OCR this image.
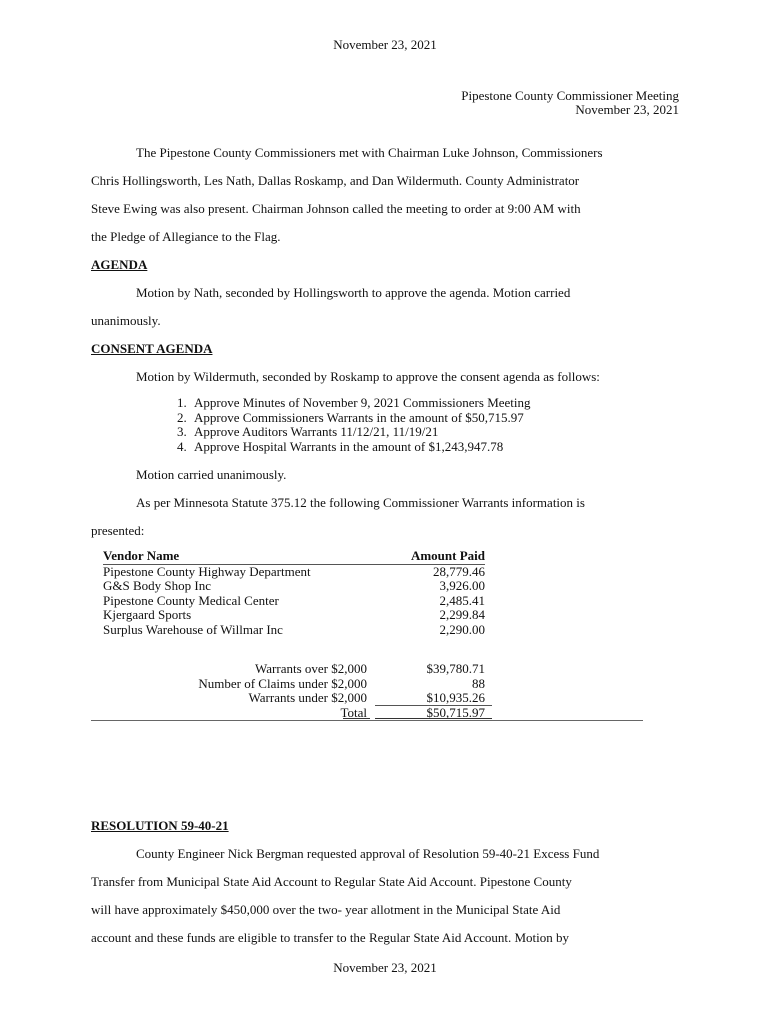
November 23, 2021
Pipestone County Commissioner Meeting
November 23, 2021
The Pipestone County Commissioners met with Chairman Luke Johnson, Commissioners
Chris Hollingsworth, Les Nath, Dallas Roskamp, and Dan Wildermuth. County Administrator
Steve Ewing was also present. Chairman Johnson called the meeting to order at 9:00 AM with
the Pledge of Allegiance to the Flag.
AGENDA
Motion by Nath, seconded by Hollingsworth to approve the agenda. Motion carried
unanimously.
CONSENT AGENDA
Motion by Wildermuth, seconded by Roskamp to approve the consent agenda as follows:
1. Approve Minutes of November 9, 2021 Commissioners Meeting
2. Approve Commissioners Warrants in the amount of $50,715.97
3. Approve Auditors Warrants 11/12/21, 11/19/21
4. Approve Hospital Warrants in the amount of $1,243,947.78
Motion carried unanimously.
As per Minnesota Statute 375.12 the following Commissioner Warrants information is
presented:
Vendor Name	Amount Paid
Pipestone County Highway Department	28,779.46
G&S Body Shop Inc	3,926.00
Pipestone County Medical Center	2,485.41
Kjergaard Sports	2,299.84
Surplus Warehouse of Willmar Inc	2,290.00
Warrants over $2,000	$39,780.71
Number of Claims under $2,000	88
Warrants under $2,000	$10,935.26
Total	$50,715.97
RESOLUTION 59-40-21
County Engineer Nick Bergman requested approval of Resolution 59-40-21 Excess Fund
Transfer from Municipal State Aid Account to Regular State Aid Account. Pipestone County
will have approximately $450,000 over the two- year allotment in the Municipal State Aid
account and these funds are eligible to transfer to the Regular State Aid Account. Motion by
November 23, 2021
